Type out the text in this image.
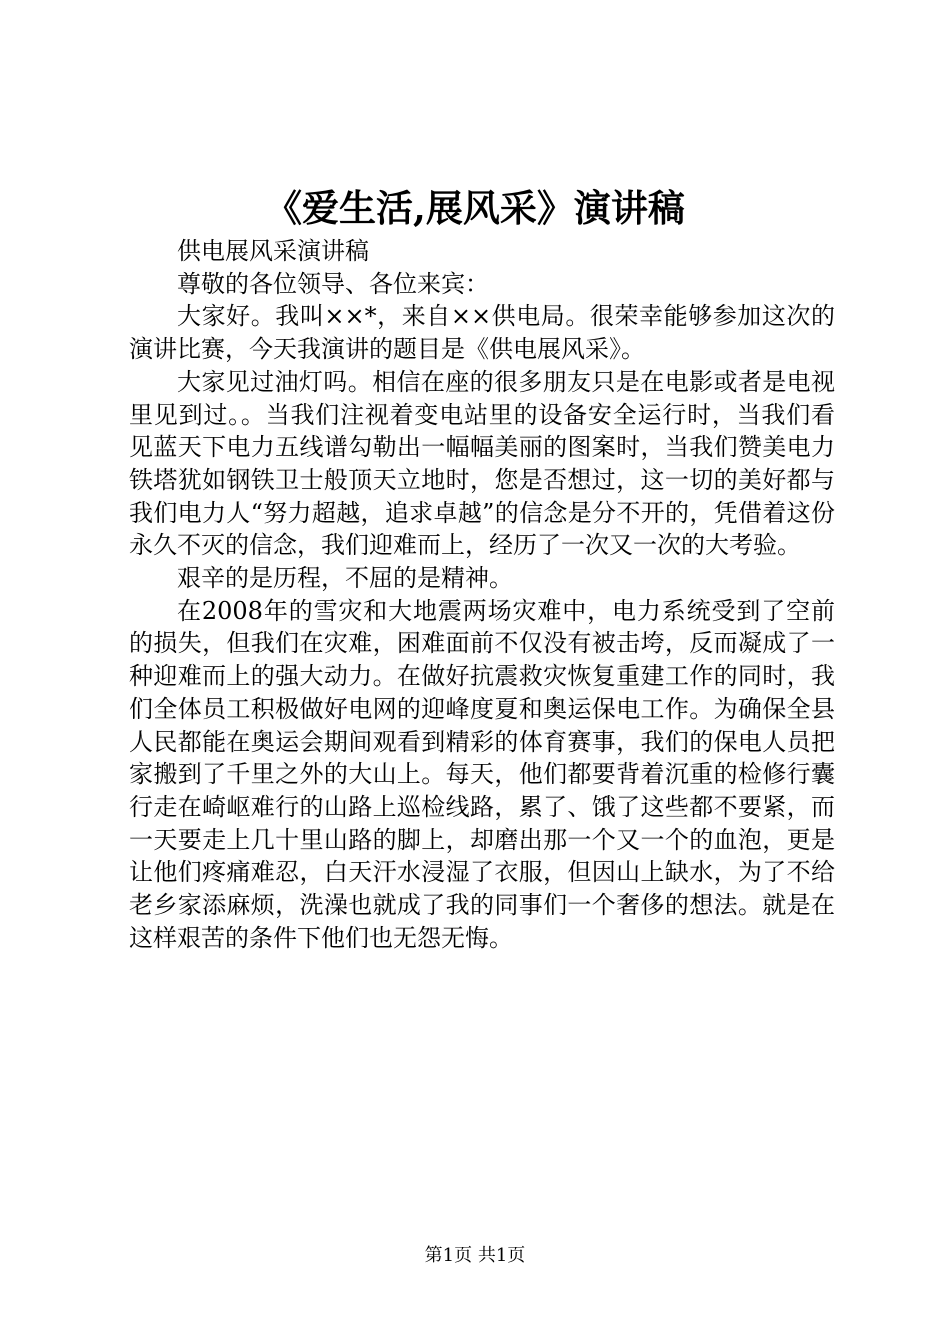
《爱生活,展风采》演讲稿

供电展风采演讲稿

尊敬的各位领导、各位来宾：

大家好。我叫××*，来自××供电局。很荣幸能够参加这次的演讲比赛，今天我演讲的题目是《供电展风采》。

大家见过油灯吗。相信在座的很多朋友只是在电影或者是电视里见到过。。当我们注视着变电站里的设备安全运行时，当我们看见蓝天下电力五线谱勾勒出一幅幅美丽的图案时，当我们赞美电力铁塔犹如钢铁卫士般顶天立地时，您是否想过，这一切的美好都与我们电力人“努力超越，追求卓越”的信念是分不开的，凭借着这份永久不灭的信念，我们迎难而上，经历了一次又一次的大考验。

艰辛的是历程，不屈的是精神。

在2008年的雪灾和大地震两场灾难中，电力系统受到了空前的损失，但我们在灾难，困难面前不仅没有被击垮，反而凝成了一种迎难而上的强大动力。在做好抗震救灾恢复重建工作的同时，我们全体员工积极做好电网的迎峰度夏和奥运保电工作。为确保全县人民都能在奥运会期间观看到精彩的体育赛事，我们的保电人员把家搬到了千里之外的大山上。每天，他们都要背着沉重的检修行囊行走在崎岖难行的山路上巡检线路，累了、饿了这些都不要紧，而一天要走上几十里山路的脚上，却磨出那一个又一个的血泡，更是让他们疼痛难忍，白天汗水浸湿了衣服，但因山上缺水，为了不给老乡家添麻烦，洗澡也就成了我的同事们一个奢侈的想法。就是在这样艰苦的条件下他们也无怨无悔。

第1页 共1页
